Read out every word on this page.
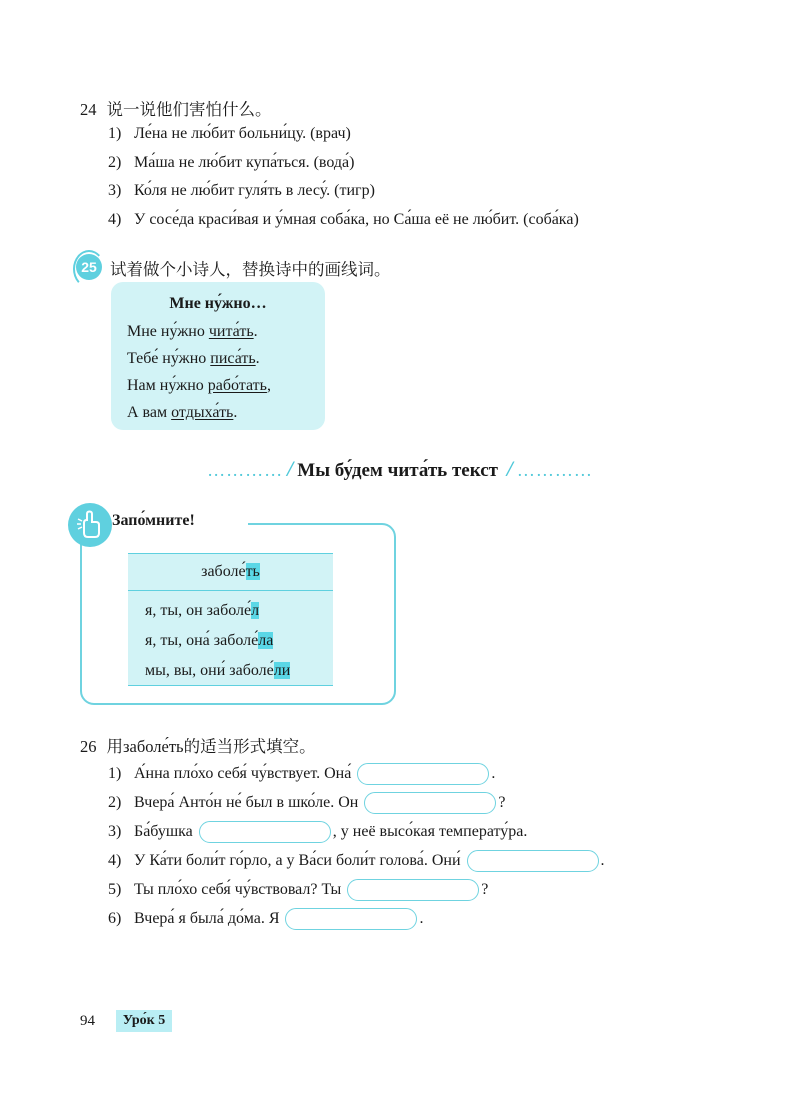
24 说一说他们害怕什么。
1) Ле́на не лю́бит больни́цу. (врач)
2) Ма́ша не лю́бит купа́ться. (вода́)
3) Ко́ля не лю́бит гуля́ть в лесу́. (тигр)
4) У сосе́да краси́вая и у́мная соба́ка, но Са́ша её не лю́бит. (соба́ка)
25 试着做个小诗人，替换诗中的画线词。
Мне ну́жно…
Мне ну́жно чита́ть.
Тебе́ ну́жно писа́ть.
Нам ну́жно рабо́тать,
А вам отдыха́ть.
………… / Мы бу́дем чита́ть текст / …………
Запо́мните!
заболе́ть
я, ты, он заболе́л
я, ты, она́ заболе́ла
мы, вы, они́ заболе́ли
26 用заболе́ть的适当形式填空。
1) А́нна пло́хо себя́ чу́вствует. Она́	.
2) Вчера́ Анто́н не́ был в шко́ле. Он	?
3) Ба́бушка	, у неё высо́кая температу́ра.
4) У Ка́ти боли́т го́рло, а у Ва́си боли́т голова́. Они́	.
5) Ты пло́хо себя́ чу́вствовал? Ты	?
6) Вчера́ я была́ до́ма. Я	.
94	Уро́к 5
